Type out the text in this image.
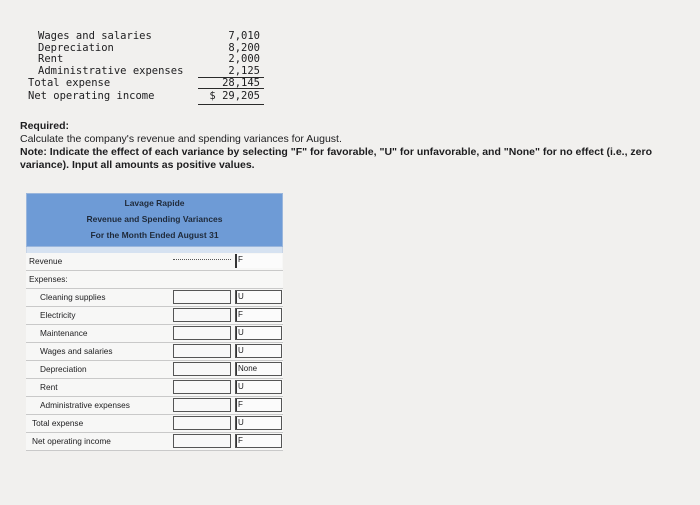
Wages and salaries	7,010
Depreciation	8,200
Rent	2,000
Administrative expenses	2,125
Total expense	28,145
Net operating income	$ 29,205
Required:
Calculate the company's revenue and spending variances for August.
Note: Indicate the effect of each variance by selecting "F" for favorable, "U" for unfavorable, and "None" for no effect (i.e., zero variance). Input all amounts as positive values.
Lavage Rapide
Revenue and Spending Variances
For the Month Ended August 31
Revenue	F
Expenses:
Cleaning supplies	U
Electricity	F
Maintenance	U
Wages and salaries	U
Depreciation	None
Rent	U
Administrative expenses	F
Total expense	U
Net operating income	F
